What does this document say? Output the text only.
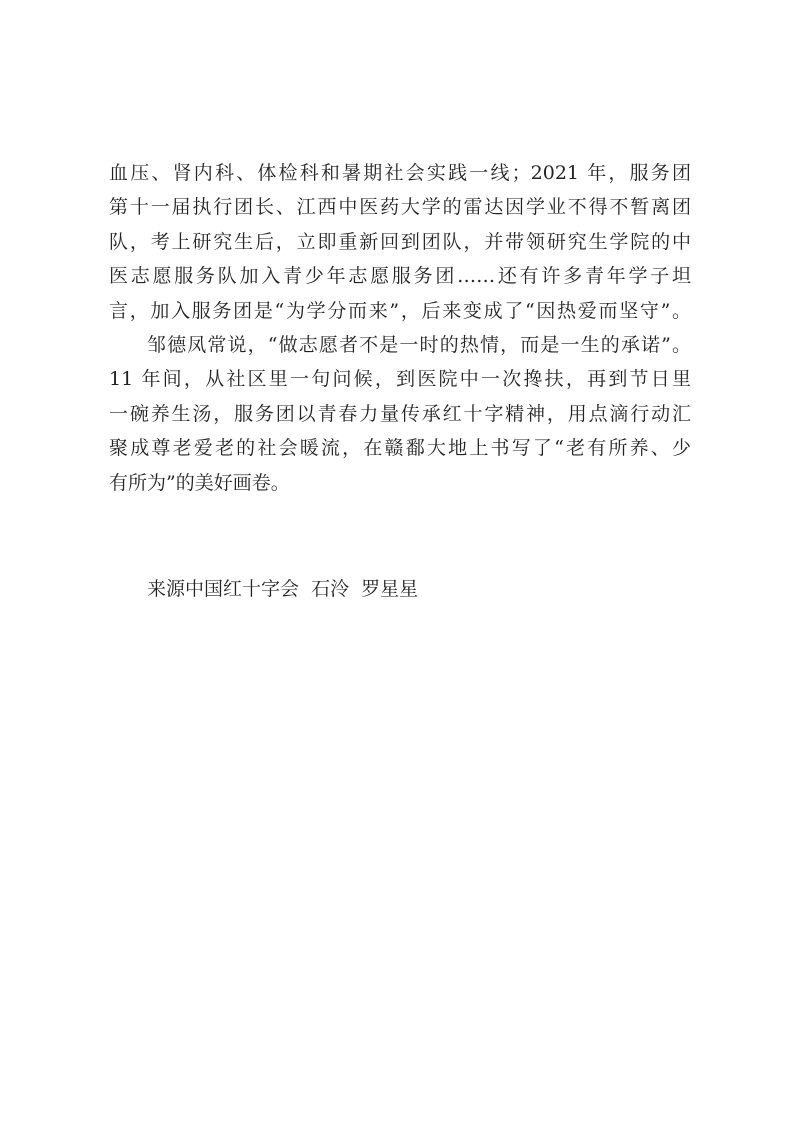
血压、肾内科、体检科和暑期社会实践一线；2021 年，服务团
第十一届执行团长、江西中医药大学的雷达因学业不得不暂离团
队，考上研究生后，立即重新回到团队，并带领研究生学院的中
医志愿服务队加入青少年志愿服务团……还有许多青年学子坦
言，加入服务团是“为学分而来”，后来变成了“因热爱而坚守”。
邹德凤常说，“做志愿者不是一时的热情，而是一生的承诺”。
11 年间，从社区里一句问候，到医院中一次搀扶，再到节日里
一碗养生汤，服务团以青春力量传承红十字精神，用点滴行动汇
聚成尊老爱老的社会暖流，在赣鄱大地上书写了“老有所养、少
有所为”的美好画卷。
来源中国红十字会  石泠  罗星星
